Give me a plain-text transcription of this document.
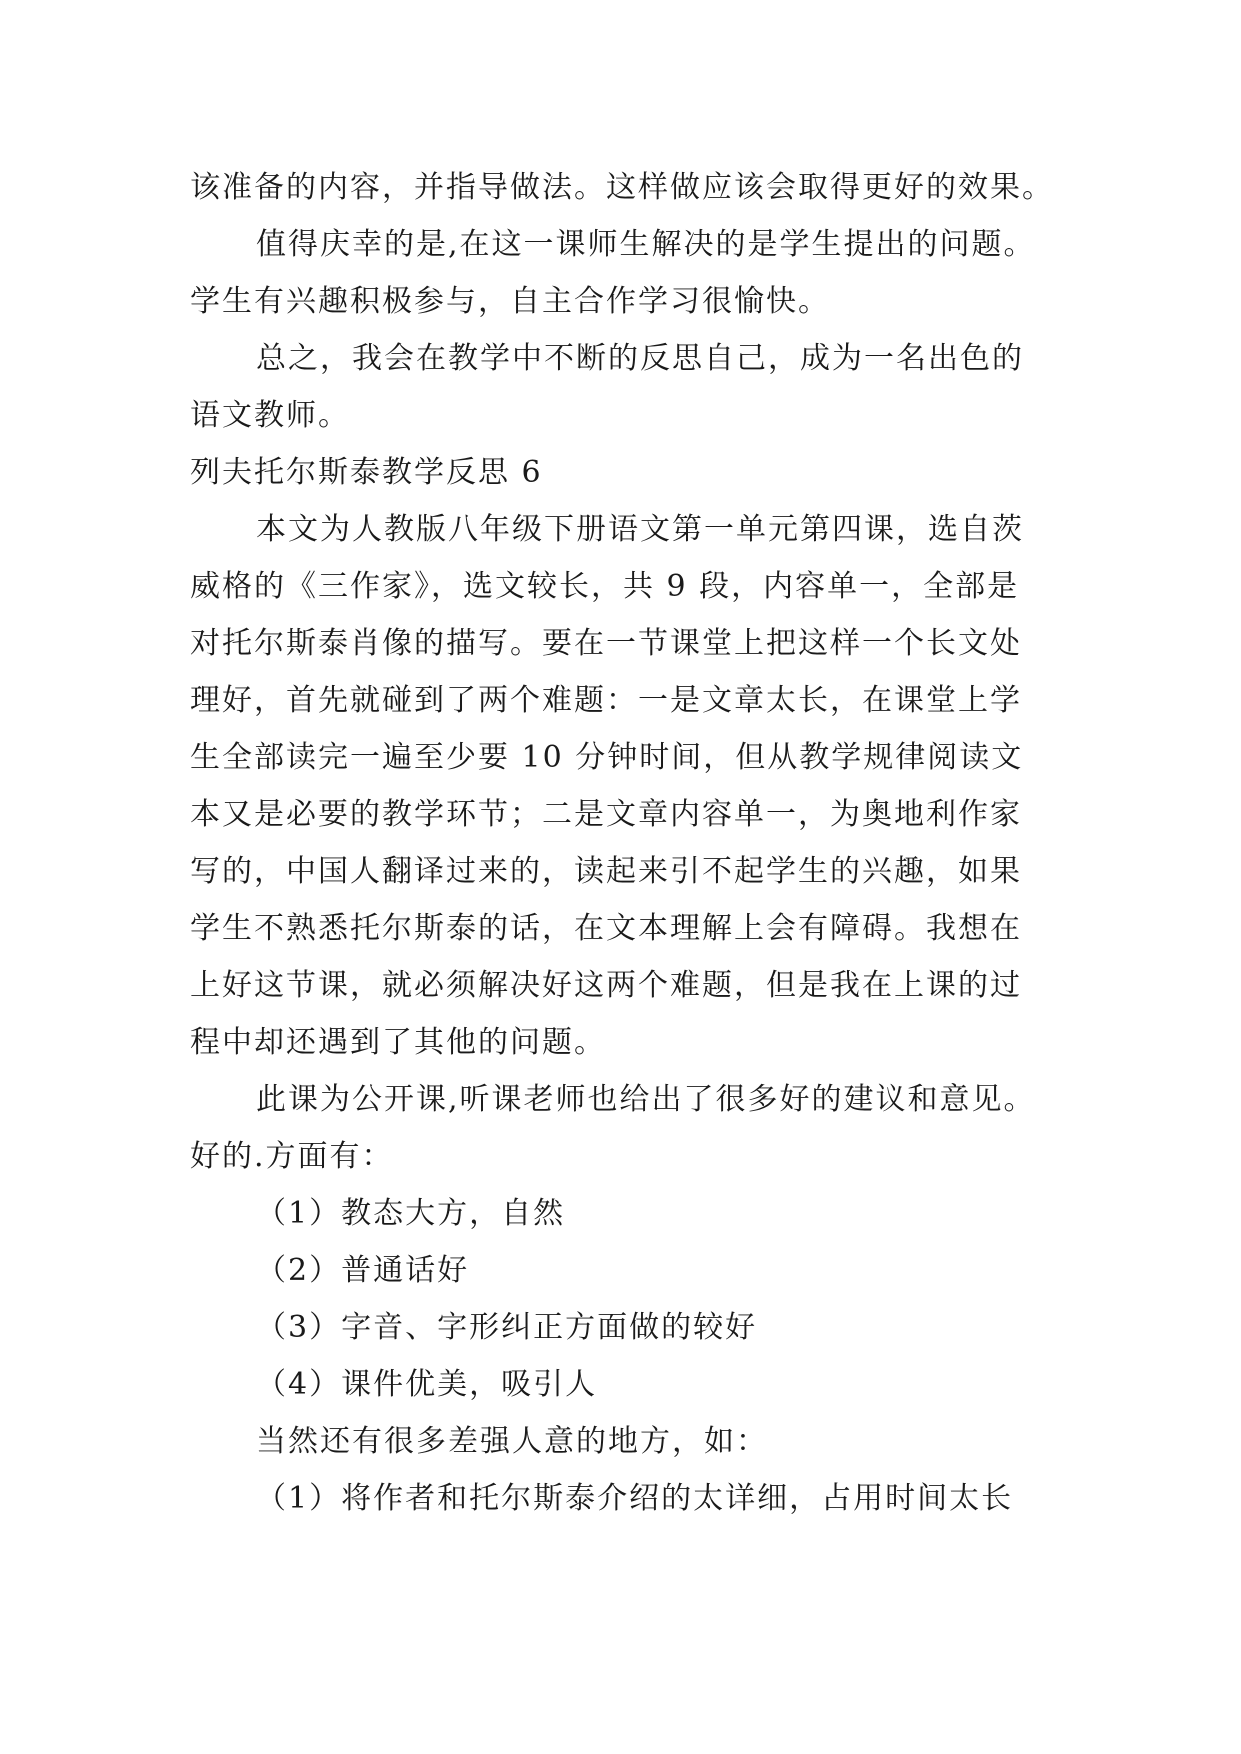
该准备的内容，并指导做法。这样做应该会取得更好的效果。
值得庆幸的是,在这一课师生解决的是学生提出的问题。
学生有兴趣积极参与，自主合作学习很愉快。
总之，我会在教学中不断的反思自己，成为一名出色的
语文教师。
列夫托尔斯泰教学反思 6
本文为人教版八年级下册语文第一单元第四课，选自茨
威格的《三作家》，选文较长，共 9 段，内容单一，全部是
对托尔斯泰肖像的描写。要在一节课堂上把这样一个长文处
理好，首先就碰到了两个难题：一是文章太长，在课堂上学
生全部读完一遍至少要 10 分钟时间，但从教学规律阅读文
本又是必要的教学环节；二是文章内容单一，为奥地利作家
写的，中国人翻译过来的，读起来引不起学生的兴趣，如果
学生不熟悉托尔斯泰的话，在文本理解上会有障碍。我想在
上好这节课，就必须解决好这两个难题，但是我在上课的过
程中却还遇到了其他的问题。
此课为公开课,听课老师也给出了很多好的建议和意见。
好的.方面有：
（1）教态大方，自然
（2）普通话好
（3）字音、字形纠正方面做的较好
（4）课件优美，吸引人
当然还有很多差强人意的地方，如：
（1）将作者和托尔斯泰介绍的太详细，占用时间太长
